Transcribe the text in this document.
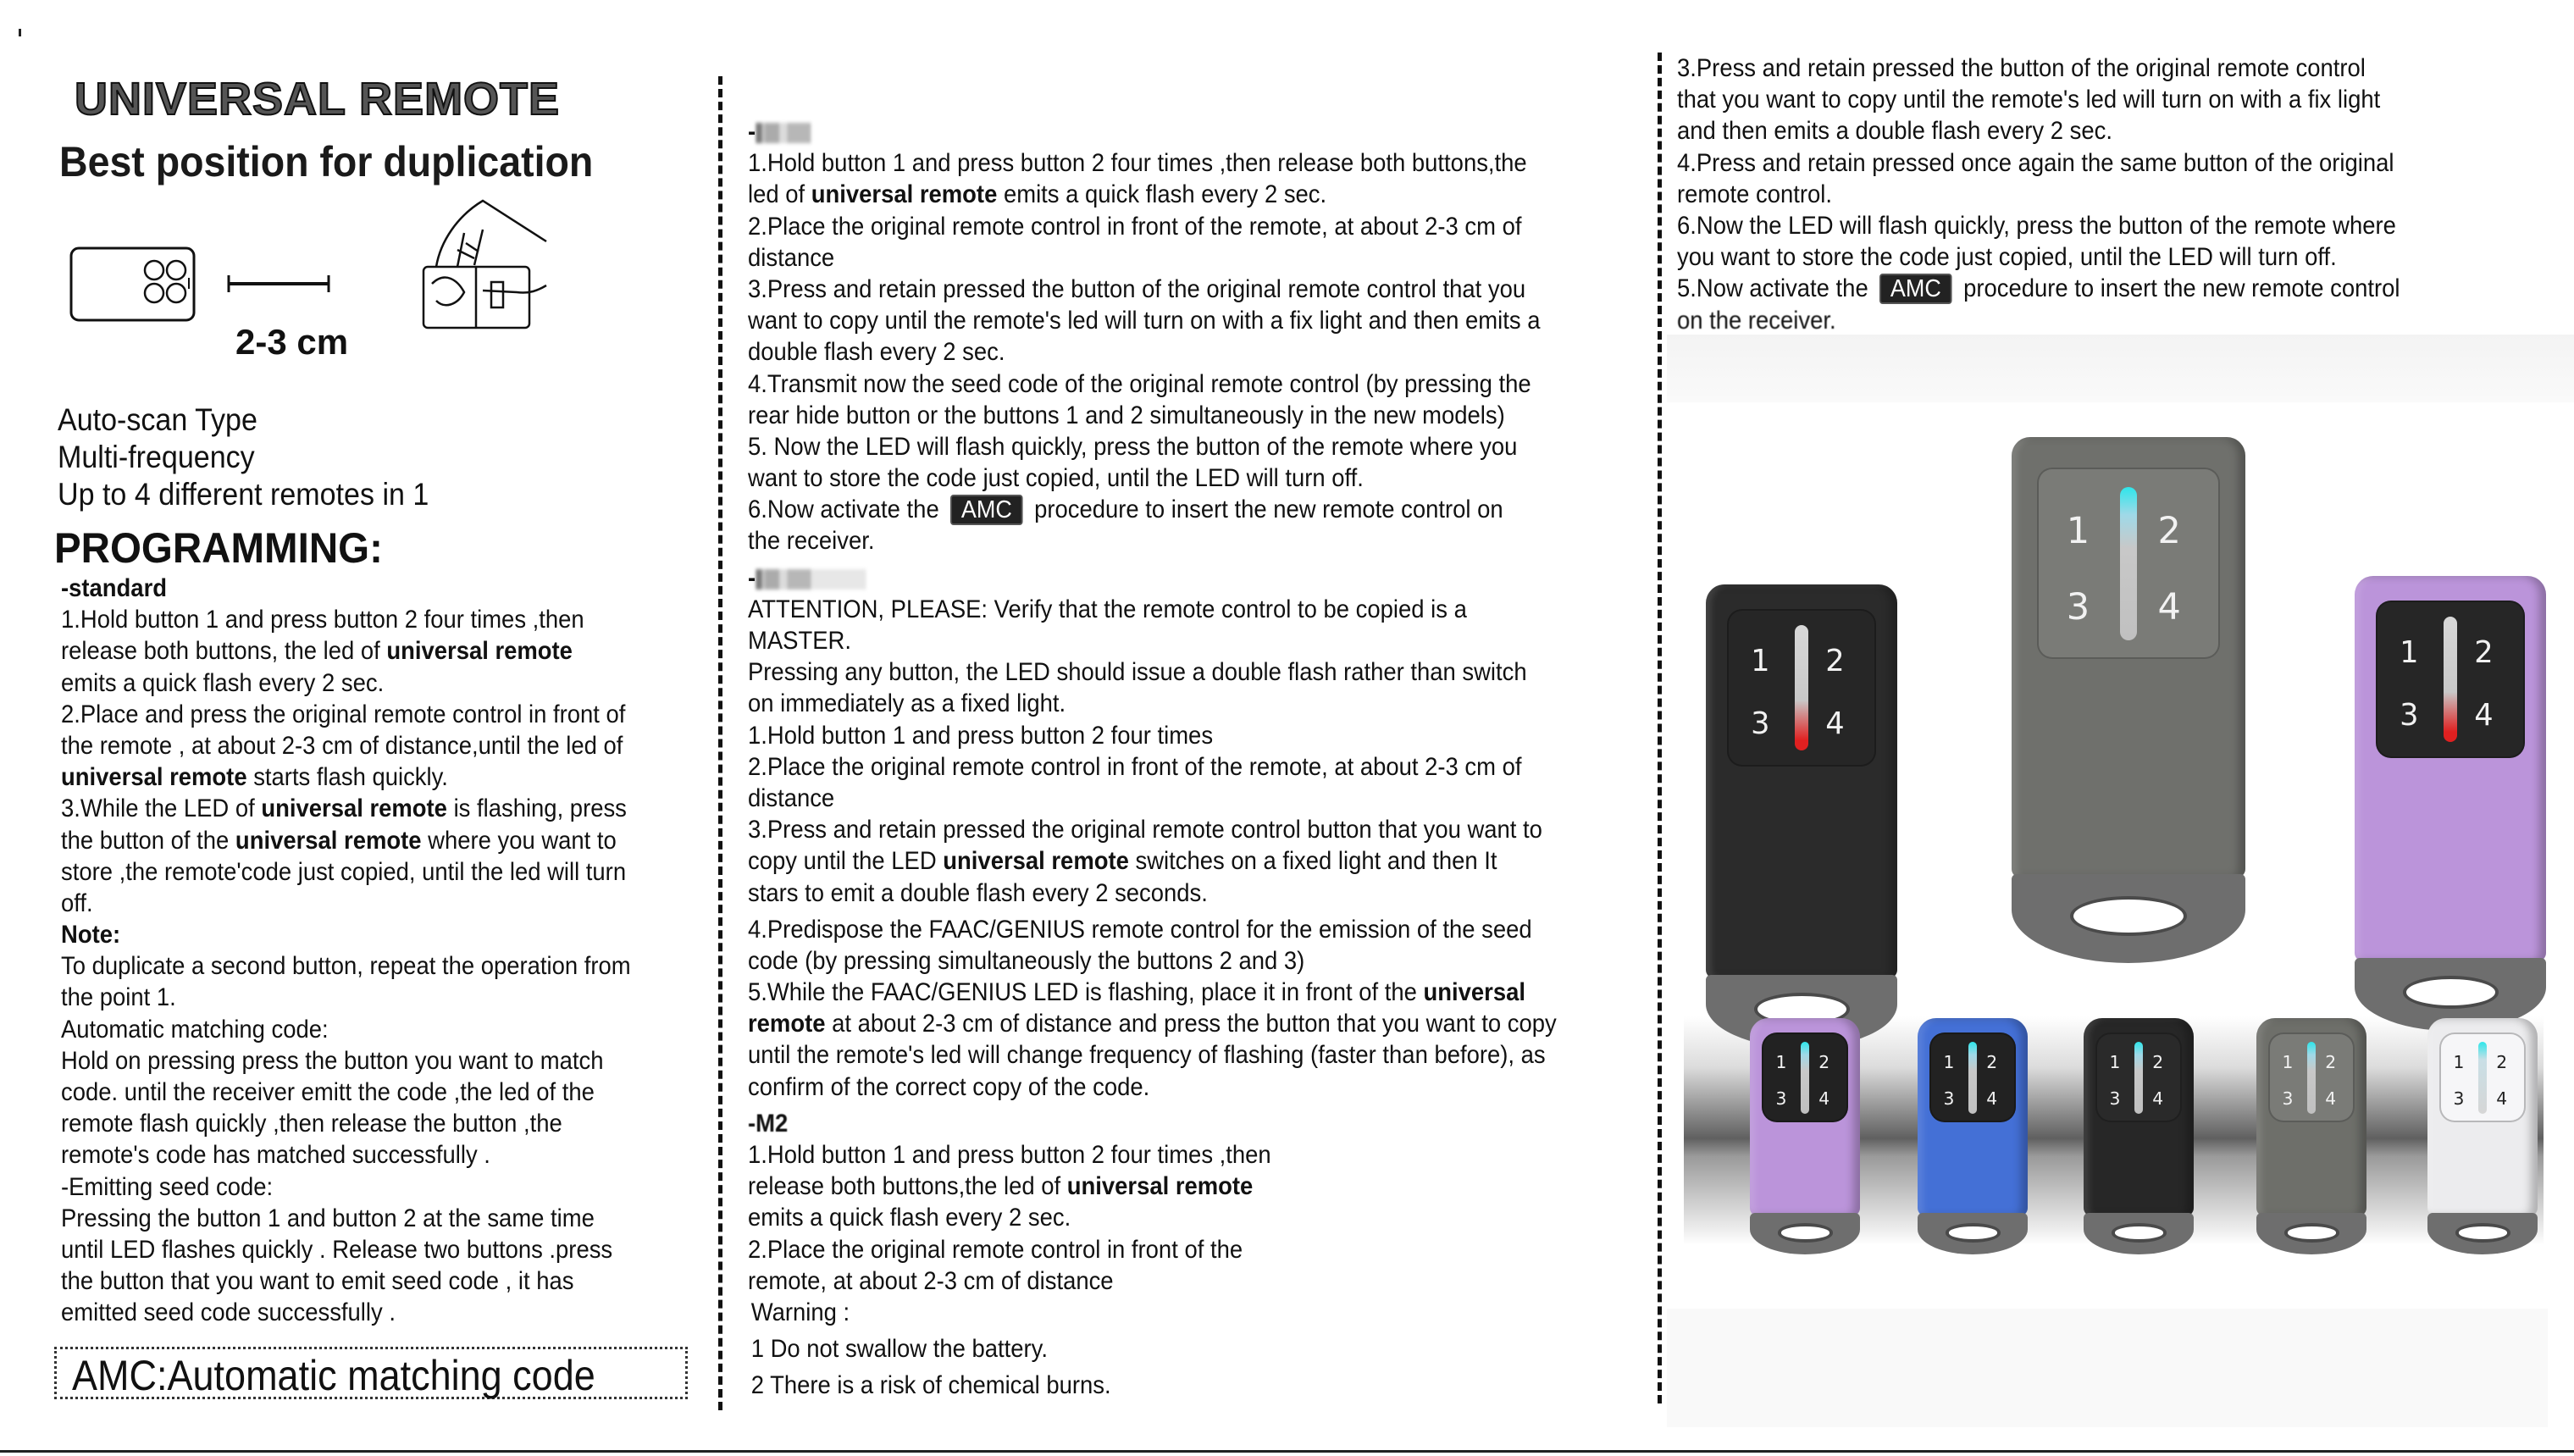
UNIVERSAL REMOTE
Best position for duplication
2-3 cm
Auto-scan Type
Multi-frequency
Up to 4 different remotes in 1
PROGRAMMING:
-standard
1.Hold button 1 and press button 2 four times ,then
release both buttons, the led of universal remote
emits a quick flash every 2 sec.
2.Place and press the original remote control in front of
the remote , at about 2-3 cm of distance,until the led of
universal remote starts flash quickly.
3.While the LED of universal remote is flashing, press
the button of the universal remote where you want to
store ,the remote'code just copied, until the led will turn
off.
Note:
To duplicate a second button, repeat the operation from
the point 1.
Automatic matching code:
Hold on pressing press the button you want to match
code. until the receiver emitt the code ,the led of the
remote flash quickly ,then release the button ,the
remote's code has matched successfully .
-Emitting seed code:
Pressing the button 1 and button 2 at the same time
until LED flashes quickly . Release two buttons .press
the button that you want to emit seed code , it has
emitted seed code successfully .
AMC:Automatic matching code
-
1.Hold button 1 and press button 2 four times ,then release both buttons,the
led of universal remote emits a quick flash every 2 sec.
2.Place the original remote control in front of the remote, at about 2-3 cm of
distance
3.Press and retain pressed the button of the original remote control that you
want to copy until the remote's led will turn on with a fix light and then emits a
double flash every 2 sec.
4.Transmit now the seed code of the original remote control (by pressing the
rear hide button or the buttons 1 and 2 simultaneously in the new models)
5. Now the LED will flash quickly, press the button of the remote where you
want to store the code just copied, until the LED will turn off.
6.Now activate the AMC procedure to insert the new remote control on
the receiver.
-
ATTENTION, PLEASE: Verify that the remote control to be copied is a
MASTER.
Pressing any button, the LED should issue a double flash rather than switch
on immediately as a fixed light.
1.Hold button 1 and press button 2 four times
2.Place the original remote control in front of the remote, at about 2-3 cm of
distance
3.Press and retain pressed the original remote control button that you want to
copy until the LED universal remote switches on a fixed light and then It
stars to emit a double flash every 2 seconds.
4.Predispose the FAAC/GENIUS remote control for the emission of the seed
code (by pressing simultaneously the buttons 2 and 3)
5.While the FAAC/GENIUS LED is flashing, place it in front of the universal
remote at about 2-3 cm of distance and press the button that you want to copy
until the remote's led will change frequency of flashing (faster than before), as
confirm of the correct copy of the code.
-M2
1.Hold button 1 and press button 2 four times ,then
release both buttons,the led of universal remote
emits a quick flash every 2 sec.
2.Place the original remote control in front of the
remote, at about 2-3 cm of distance
Warning :
1 Do not swallow the battery.
2 There is a risk of chemical burns.
3.Press and retain pressed the button of the original remote control
that you want to copy until the remote's led will turn on with a fix light
and then emits a double flash every 2 sec.
4.Press and retain pressed once again the same button of the original
remote control.
6.Now the LED will flash quickly, press the button of the remote where
you want to store the code just copied, until the LED will turn off.
5.Now activate the AMC procedure to insert the new remote control
on the receiver.
1 2
3 4
1 2
3 4
1 2
3 4
1 2
3 4
1 2
3 4
1 2
3 4
1 2
3 4
1 2
3 4
